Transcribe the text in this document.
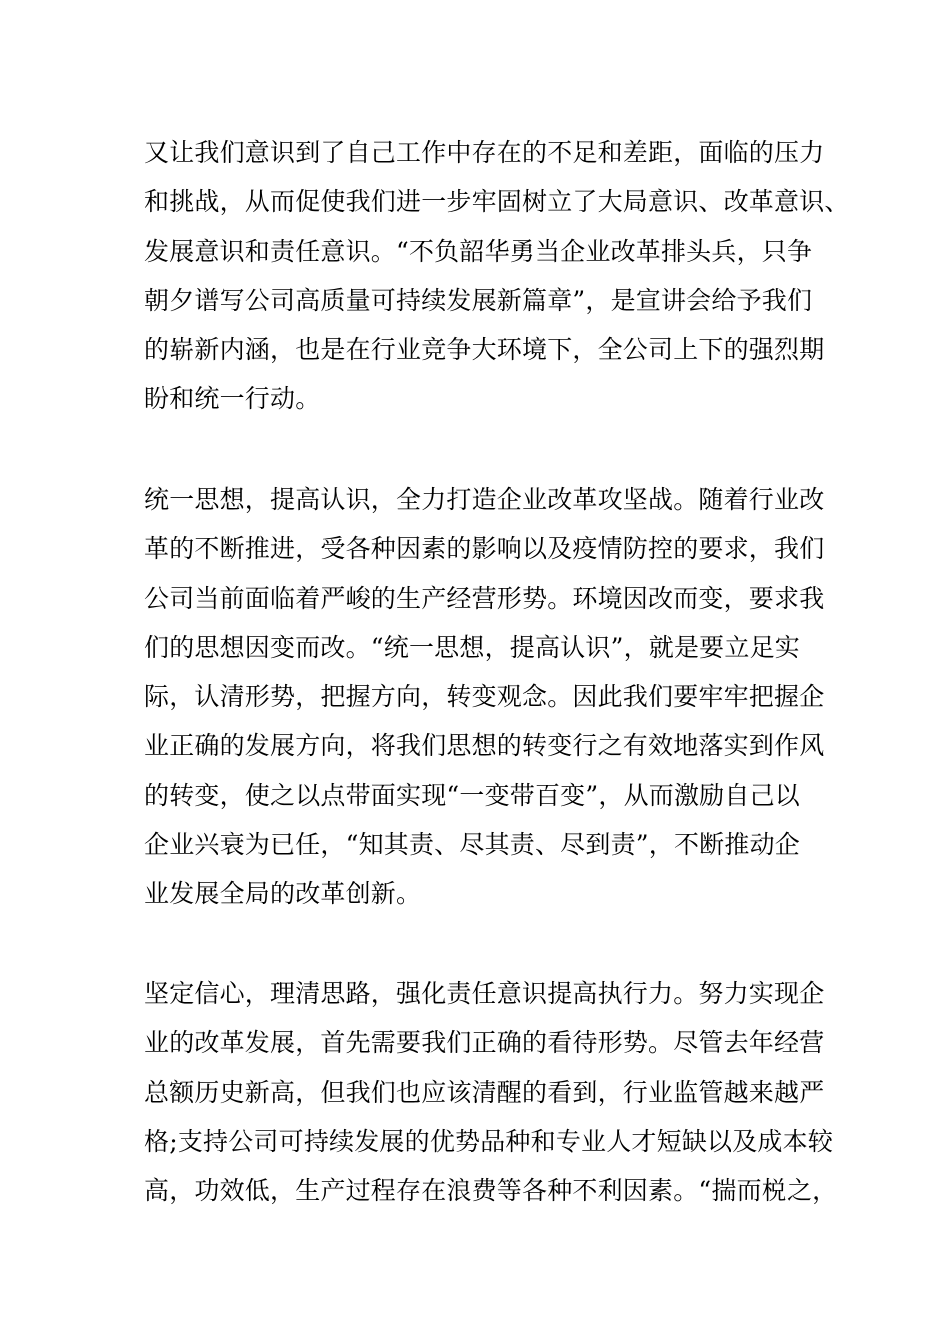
又让我们意识到了自己工作中存在的不足和差距，面临的压力
和挑战，从而促使我们进一步牢固树立了大局意识、改革意识、
发展意识和责任意识。“不负韶华勇当企业改革排头兵，只争
朝夕谱写公司高质量可持续发展新篇章”，是宣讲会给予我们
的崭新内涵，也是在行业竞争大环境下，全公司上下的强烈期
盼和统一行动。
统一思想，提高认识，全力打造企业改革攻坚战。随着行业改
革的不断推进，受各种因素的影响以及疫情防控的要求，我们
公司当前面临着严峻的生产经营形势。环境因改而变，要求我
们的思想因变而改。“统一思想，提高认识”，就是要立足实
际，认清形势，把握方向，转变观念。因此我们要牢牢把握企
业正确的发展方向，将我们思想的转变行之有效地落实到作风
的转变，使之以点带面实现“一变带百变”，从而激励自己以
企业兴衰为已任，“知其责、尽其责、尽到责”，不断推动企
业发展全局的改革创新。
坚定信心，理清思路，强化责任意识提高执行力。努力实现企
业的改革发展，首先需要我们正确的看待形势。尽管去年经营
总额历史新高，但我们也应该清醒的看到，行业监管越来越严
格;支持公司可持续发展的优势品种和专业人才短缺以及成本较
高，功效低，生产过程存在浪费等各种不利因素。“揣而棁之，
